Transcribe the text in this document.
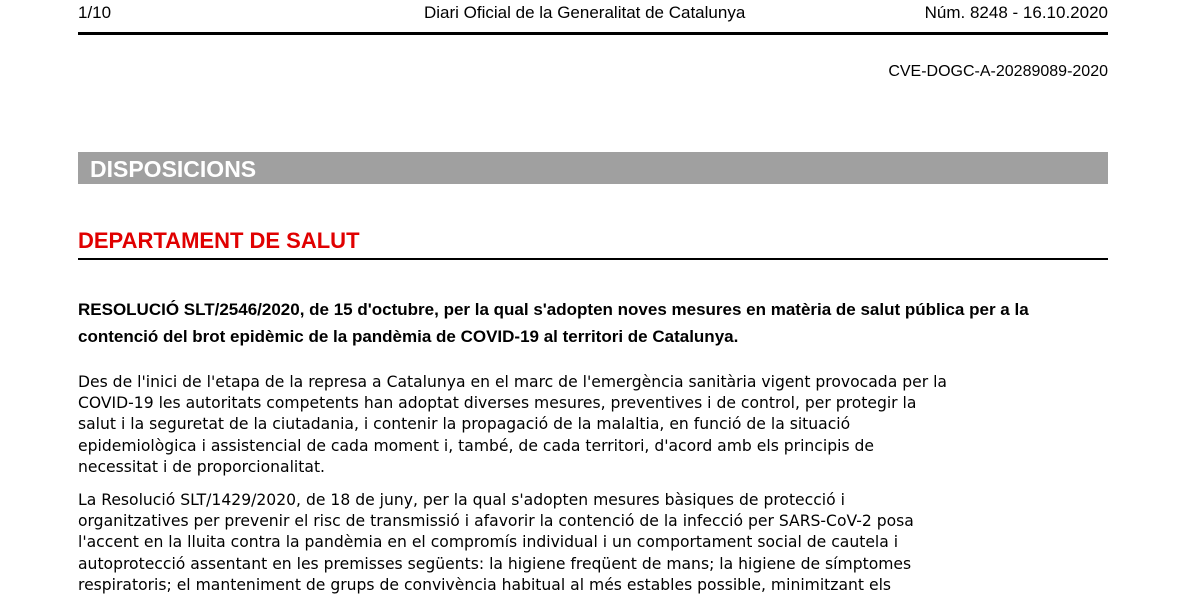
1/10	Diari Oficial de la Generalitat de Catalunya	Núm. 8248 - 16.10.2020
CVE-DOGC-A-20289089-2020
DISPOSICIONS
DEPARTAMENT DE SALUT

RESOLUCIÓ SLT/2546/2020, de 15 d'octubre, per la qual s'adopten noves mesures en matèria de salut pública per a la contenció del brot epidèmic de la pandèmia de COVID-19 al territori de Catalunya.

Des de l'inici de l'etapa de la represa a Catalunya en el marc de l'emergència sanitària vigent provocada per la
COVID-19 les autoritats competents han adoptat diverses mesures, preventives i de control, per protegir la
salut i la seguretat de la ciutadania, i contenir la propagació de la malaltia, en funció de la situació
epidemiològica i assistencial de cada moment i, també, de cada territori, d'acord amb els principis de
necessitat i de proporcionalitat.

La Resolució SLT/1429/2020, de 18 de juny, per la qual s'adopten mesures bàsiques de protecció i
organitzatives per prevenir el risc de transmissió i afavorir la contenció de la infecció per SARS-CoV-2 posa
l'accent en la lluita contra la pandèmia en el compromís individual i un comportament social de cautela i
autoprotecció assentant en les premisses següents: la higiene freqüent de mans; la higiene de símptomes
respiratoris; el manteniment de grups de convivència habitual al més estables possible, minimitzant els
